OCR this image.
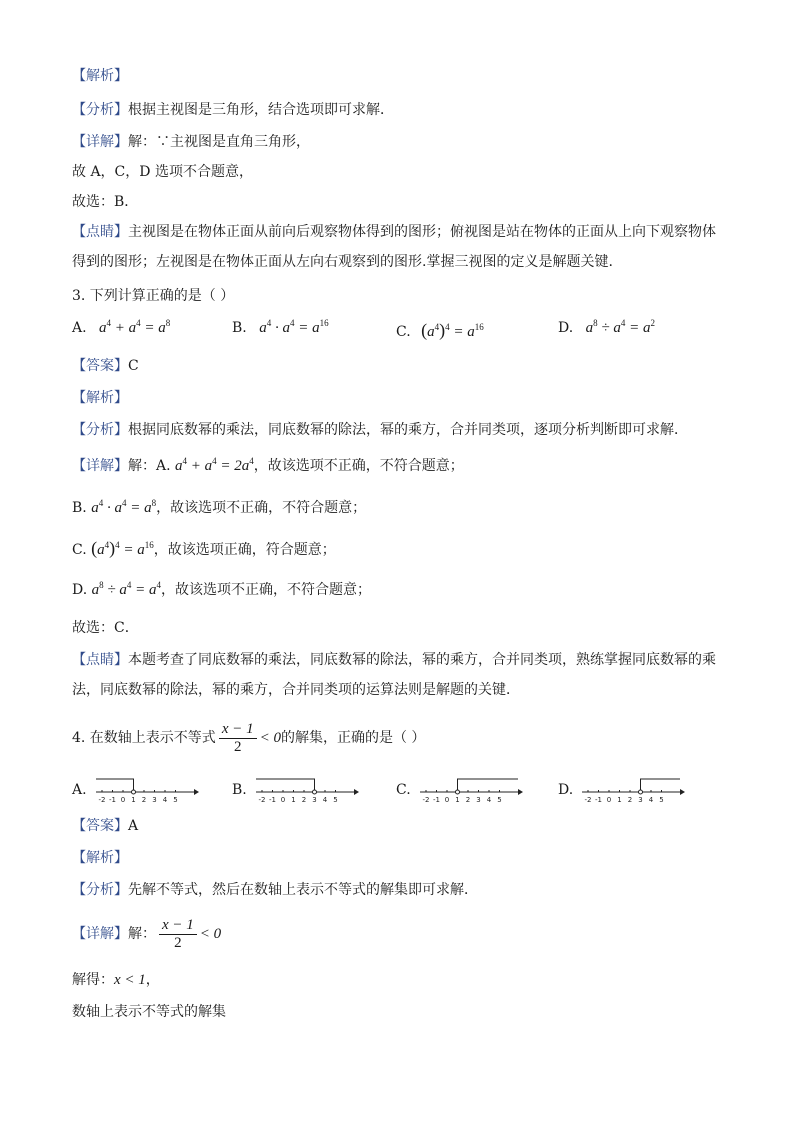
【解析】
【分析】根据主视图是三角形，结合选项即可求解．
【详解】解：∵主视图是直角三角形，
故 A，C，D 选项不合题意，
故选：B．
【点睛】主视图是在物体正面从前向后观察物体得到的图形；俯视图是站在物体的正面从上向下观察物体
得到的图形；左视图是在物体正面从左向右观察到的图形.掌握三视图的定义是解题关键.
3. 下列计算正确的是（ ）
A. $a^4 + a^4 = a^8$	B. $a^4 \cdot a^4 = a^{16}$
C. $(a^4)^4 = a^{16}$	D. $a^8 \div a^4 = a^2$
【答案】C
【解析】
【分析】根据同底数幂的乘法，同底数幂的除法，幂的乘方，合并同类项，逐项分析判断即可求解．
【详解】解：A. $a^4 + a^4 = 2a^4$，故该选项不正确，不符合题意；
B. $a^4 \cdot a^4 = a^8$，故该选项不正确，不符合题意；
C. $(a^4)^4 = a^{16}$，故该选项正确，符合题意；
D. $a^8 \div a^4 = a^4$，故该选项不正确，不符合题意；
故选：C．
【点睛】本题考查了同底数幂的乘法，同底数幂的除法，幂的乘方，合并同类项，熟练掌握同底数幂的乘
法，同底数幂的除法，幂的乘方，合并同类项的运算法则是解题的关键．
4. 在数轴上表示不等式 $\frac{x - 1}{2} < 0$的解集，正确的是（ ）
A.
-2 -1 0 1 2 3 4 5
B.
-2 -1 0 1 2 3 4 5
C.
-2 -1 0 1 2 3 4 5
D.
-2 -1 0 1 2 3 4 5
【答案】A
【解析】
【分析】先解不等式，然后在数轴上表示不等式的解集即可求解．
【详解】解： $\frac{x - 1}{2} < 0$
解得：x < 1，
数轴上表示不等式的解集
